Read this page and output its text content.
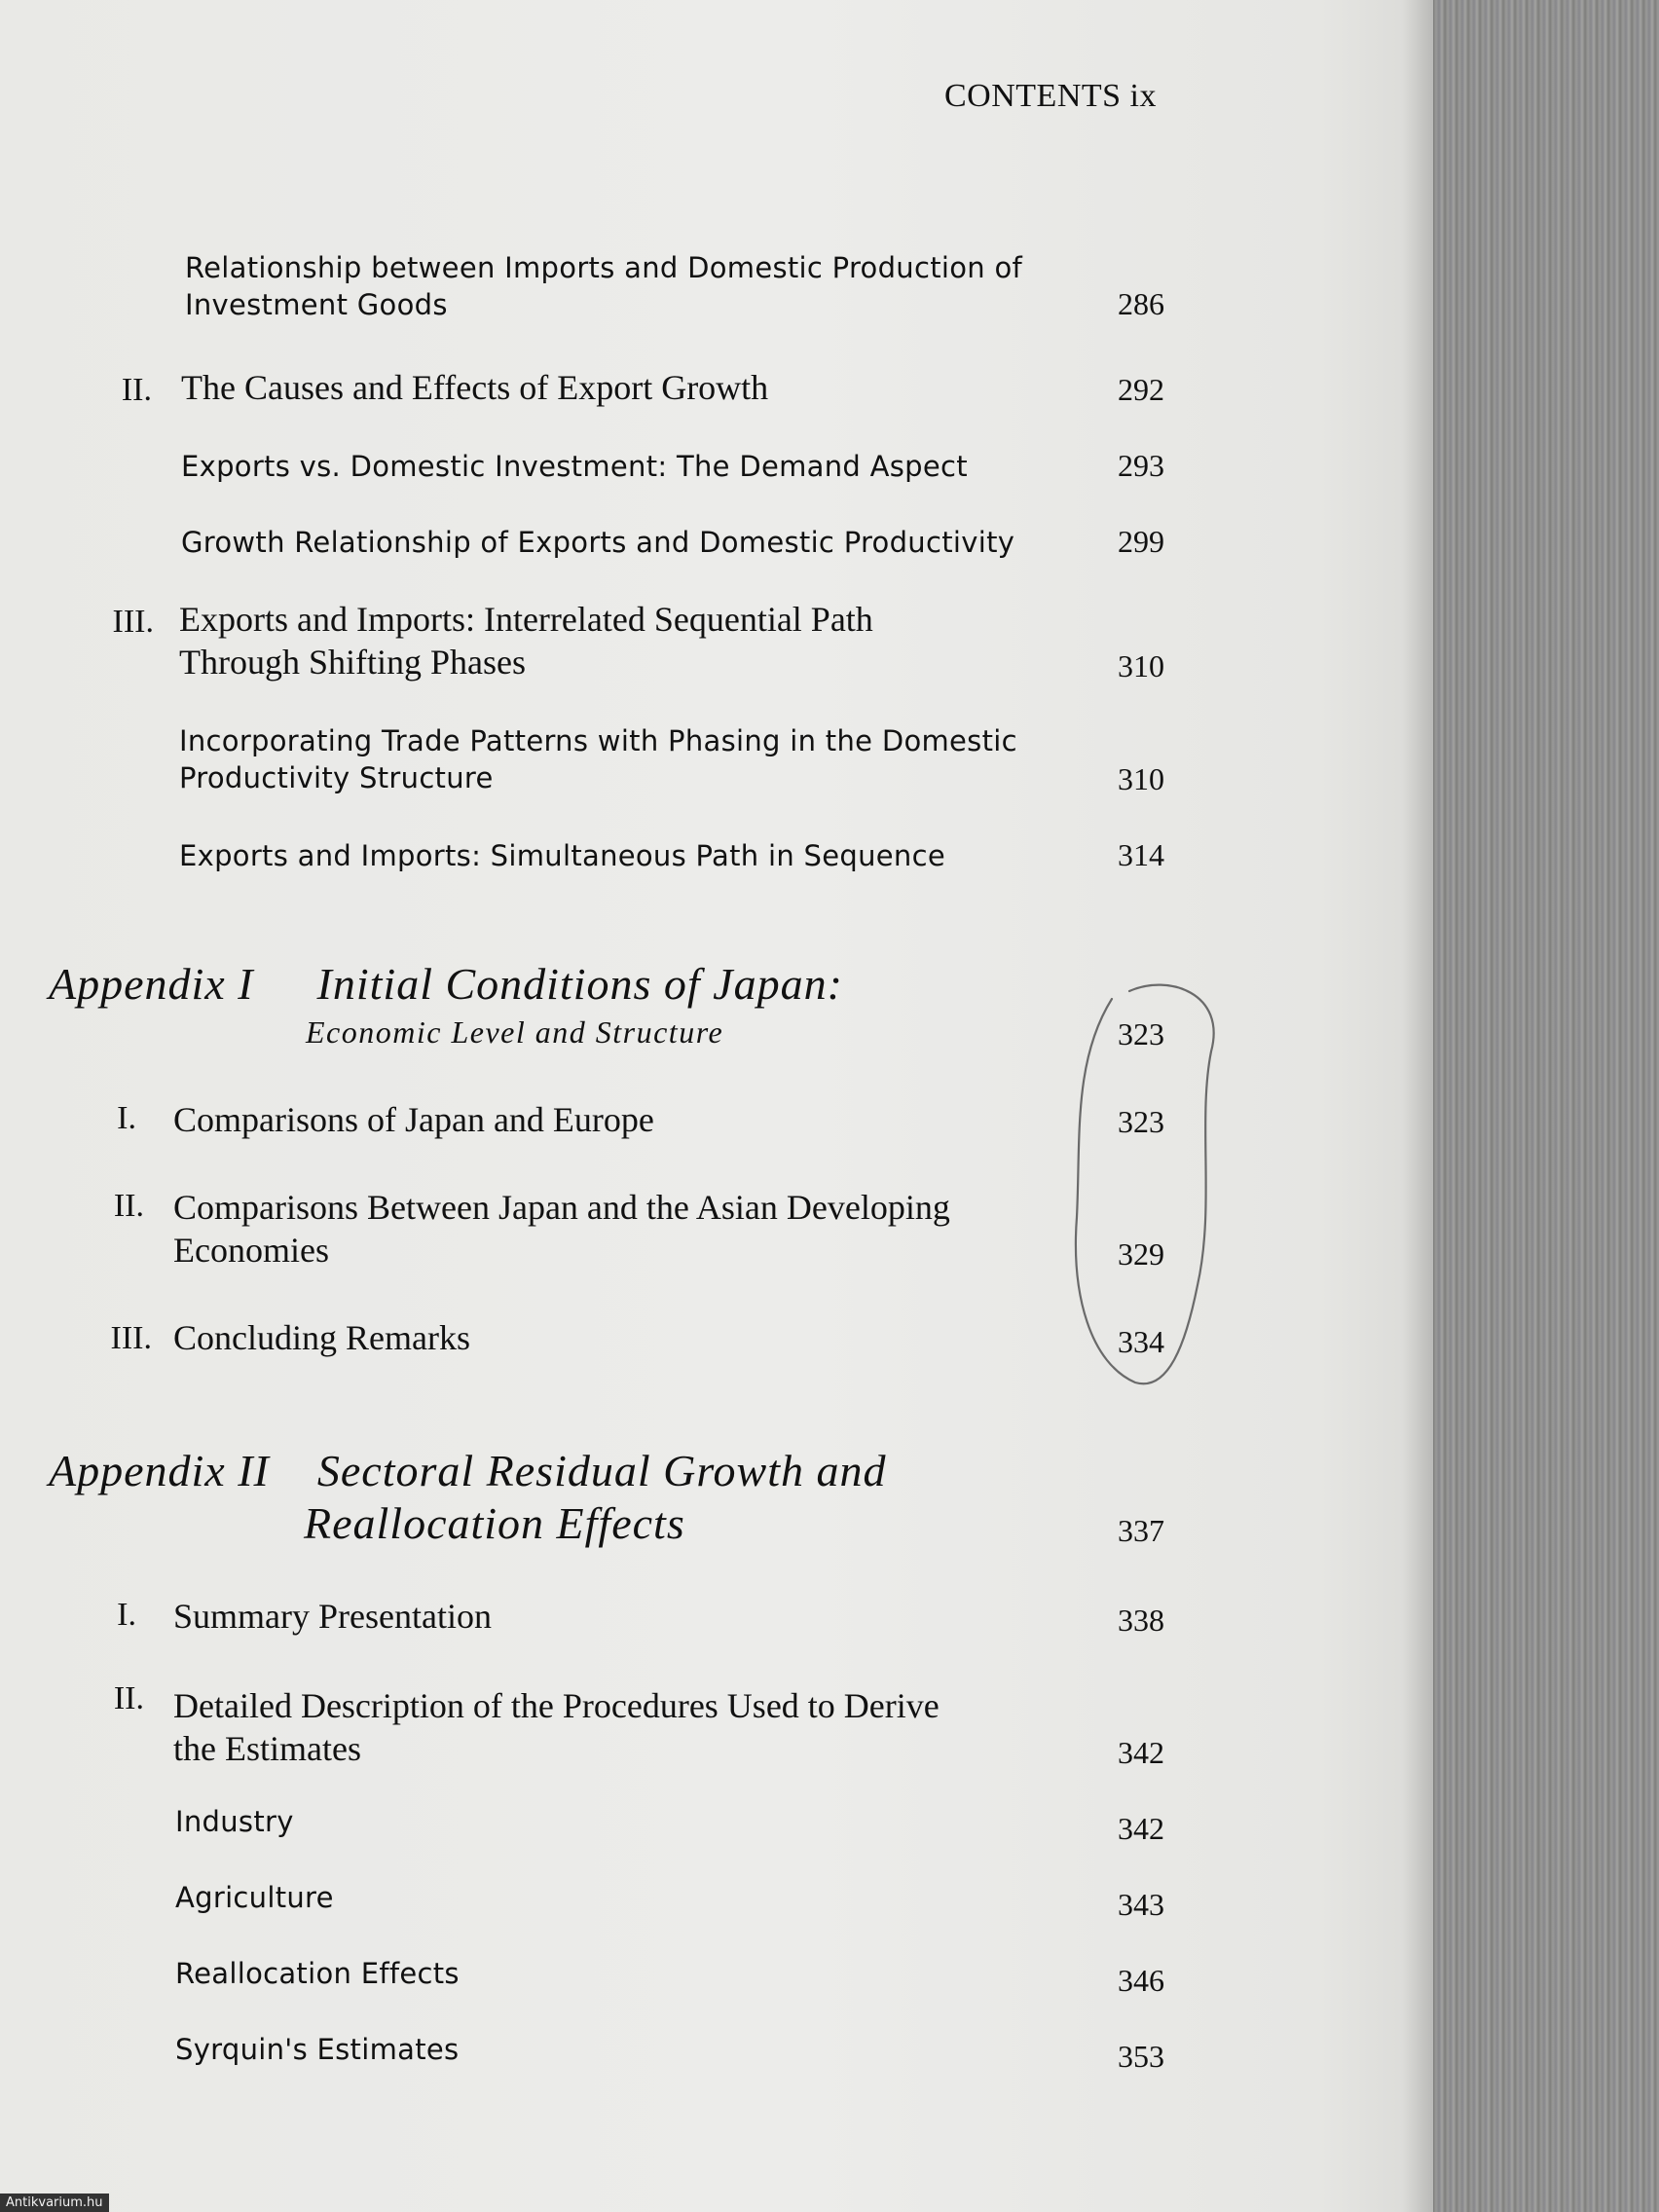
CONTENTS ix
Relationship between Imports and Domestic Production of
Investment Goods	286
II. The Causes and Effects of Export Growth	292
Exports vs. Domestic Investment: The Demand Aspect	293
Growth Relationship of Exports and Domestic Productivity	299
III. Exports and Imports: Interrelated Sequential Path
Through Shifting Phases	310
Incorporating Trade Patterns with Phasing in the Domestic
Productivity Structure	310
Exports and Imports: Simultaneous Path in Sequence	314
Appendix I Initial Conditions of Japan:
Economic Level and Structure	323
I. Comparisons of Japan and Europe	323
II. Comparisons Between Japan and the Asian Developing
Economies	329
III. Concluding Remarks	334
Appendix II Sectoral Residual Growth and
Reallocation Effects	337
I. Summary Presentation	338
II. Detailed Description of the Procedures Used to Derive
the Estimates	342
Industry	342
Agriculture	343
Reallocation Effects	346
Syrquin's Estimates	353
Antikvarium.hu
